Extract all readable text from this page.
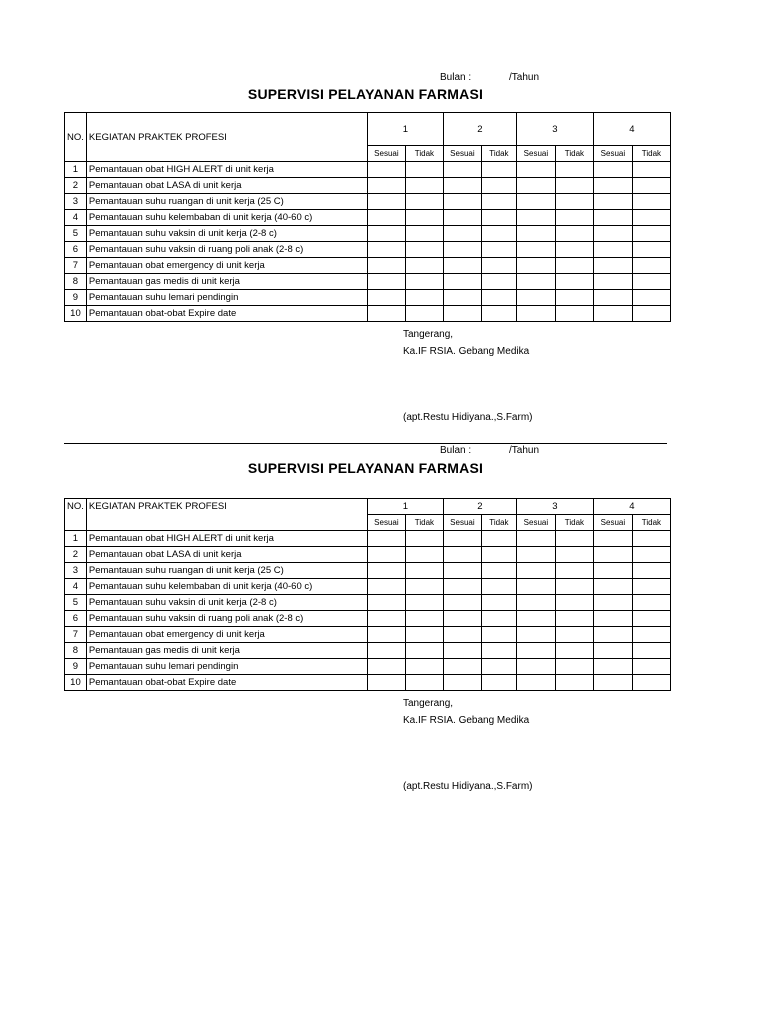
Bulan :	/Tahun
SUPERVISI PELAYANAN FARMASI
NO.	KEGIATAN PRAKTEK PROFESI	1		2		3		4	
		Sesuai	Tidak	Sesuai	Tidak	Sesuai	Tidak	Sesuai	Tidak
1	Pemantauan obat HIGH ALERT di unit kerja								
2	Pemantauan obat LASA di unit kerja								
3	Pemantauan suhu ruangan di unit kerja (25 C)								
4	Pemantauan suhu kelembaban di unit kerja (40-60 c)								
5	Pemantauan suhu vaksin di unit kerja (2-8 c)								
6	Pemantauan suhu vaksin di ruang poli anak (2-8 c)								
7	Pemantauan obat emergency di unit kerja								
8	Pemantauan gas medis di unit kerja								
9	Pemantauan suhu lemari pendingin								
10	Pemantauan obat-obat Expire date								
Tangerang,
Ka.IF RSIA. Gebang Medika
(apt.Restu Hidiyana.,S.Farm)
Bulan :	/Tahun
SUPERVISI PELAYANAN FARMASI
NO.	KEGIATAN PRAKTEK PROFESI	1		2		3		4	
		Sesuai	Tidak	Sesuai	Tidak	Sesuai	Tidak	Sesuai	Tidak
1	Pemantauan obat HIGH ALERT di unit kerja								
2	Pemantauan obat LASA di unit kerja								
3	Pemantauan suhu ruangan di unit kerja (25 C)								
4	Pemantauan suhu kelembaban di unit kerja (40-60 c)								
5	Pemantauan suhu vaksin di unit kerja (2-8 c)								
6	Pemantauan suhu vaksin di ruang poli anak (2-8 c)								
7	Pemantauan obat emergency di unit kerja								
8	Pemantauan gas medis di unit kerja								
9	Pemantauan suhu lemari pendingin								
10	Pemantauan obat-obat Expire date								
Tangerang,
Ka.IF RSIA. Gebang Medika
(apt.Restu Hidiyana.,S.Farm)
